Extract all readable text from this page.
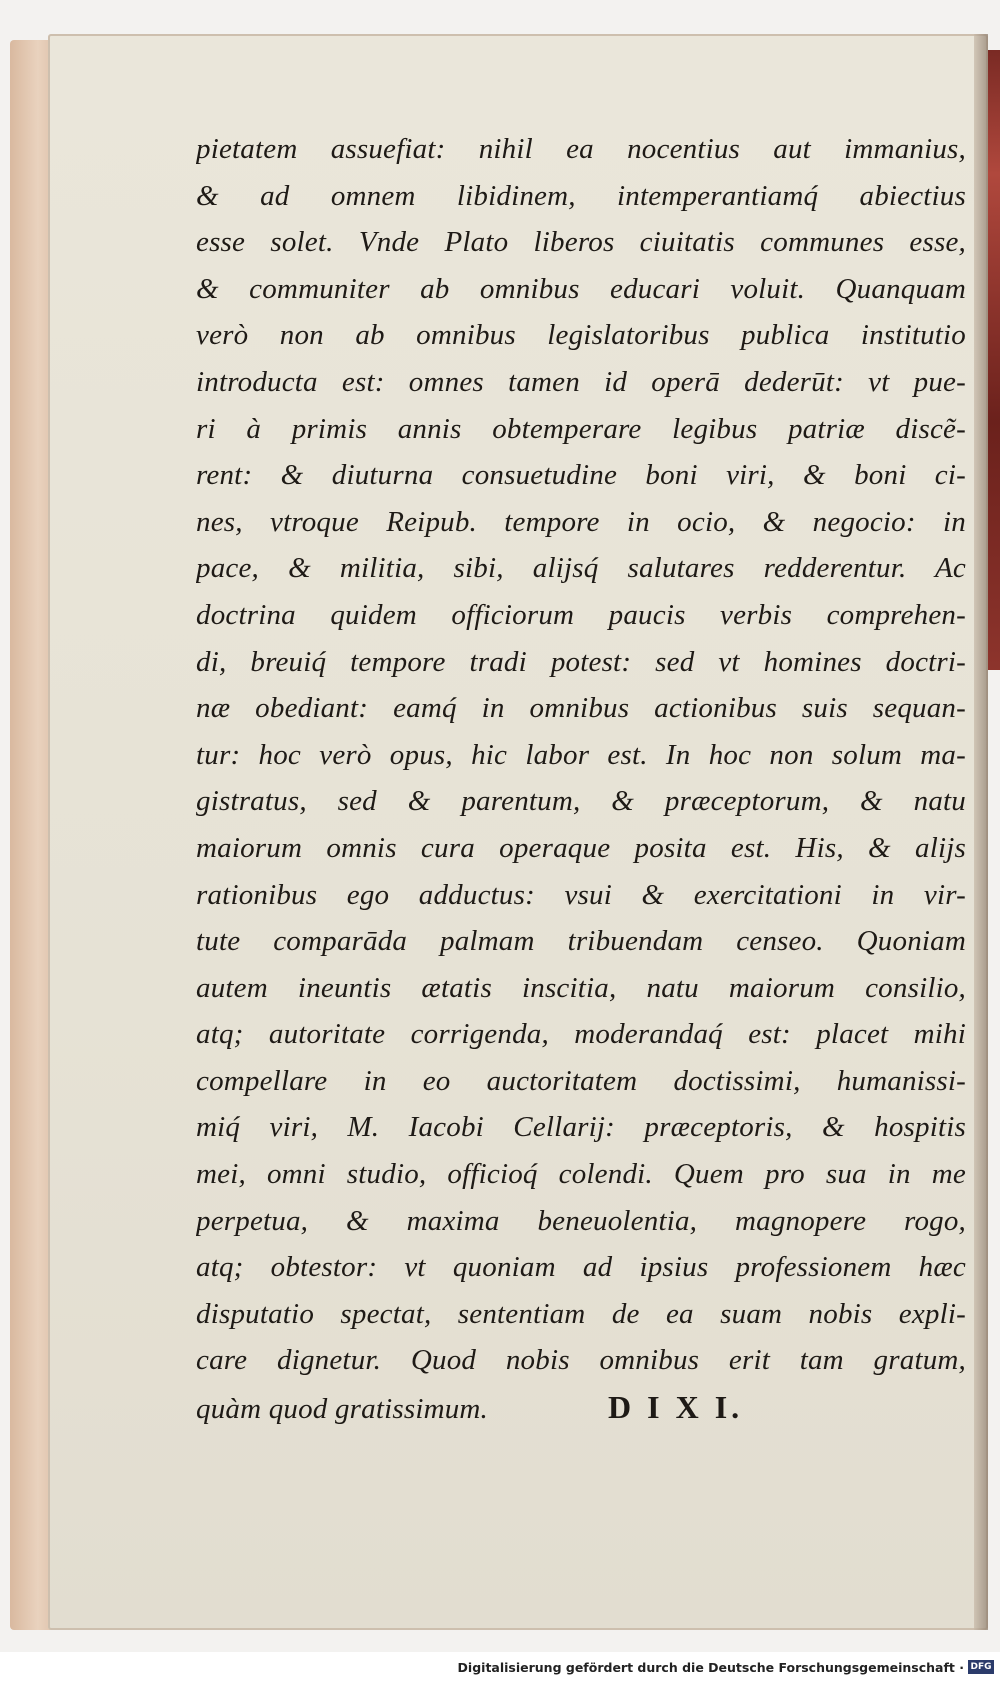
pietatem assuefiat: nihil ea nocentius aut immanius,
& ad omnem libidinem, intemperantiamq́ abiectius
esse solet. Vnde Plato liberos ciuitatis communes esse,
& communiter ab omnibus educari voluit. Quanquam
verò non ab omnibus legislatoribus publica institutio
introducta est: omnes tamen id operā dederūt: vt pue-
ri à primis annis obtemperare legibus patriæ discẽ-
rent: & diuturna consuetudine boni viri, & boni ci-
nes, vtroque Reipub. tempore in ocio, & negocio: in
pace, & militia, sibi, alijsq́ salutares redderentur. Ac
doctrina quidem officiorum paucis verbis comprehen-
di, breuiq́ tempore tradi potest: sed vt homines doctri-
næ obediant: eamq́ in omnibus actionibus suis sequan-
tur: hoc verò opus, hic labor est. In hoc non solum ma-
gistratus, sed & parentum, & præceptorum, & natu
maiorum omnis cura operaque posita est. His, & alijs
rationibus ego adductus: vsui & exercitationi in vir-
tute comparāda palmam tribuendam censeo. Quoniam
autem ineuntis ætatis inscitia, natu maiorum consilio,
atq; autoritate corrigenda, moderandaq́ est: placet mihi
compellare in eo auctoritatem doctissimi, humanissi-
miq́ viri, M. Iacobi Cellarij: præceptoris, & hospitis
mei, omni studio, officioq́ colendi. Quem pro sua in me
perpetua, & maxima beneuolentia, magnopere rogo,
atq; obtestor: vt quoniam ad ipsius professionem hæc
disputatio spectat, sententiam de ea suam nobis expli-
care dignetur. Quod nobis omnibus erit tam gratum,
quàm quod gratissimum.	D I X I.
Digitalisierung gefördert durch die Deutsche Forschungsgemeinschaft · DFG
